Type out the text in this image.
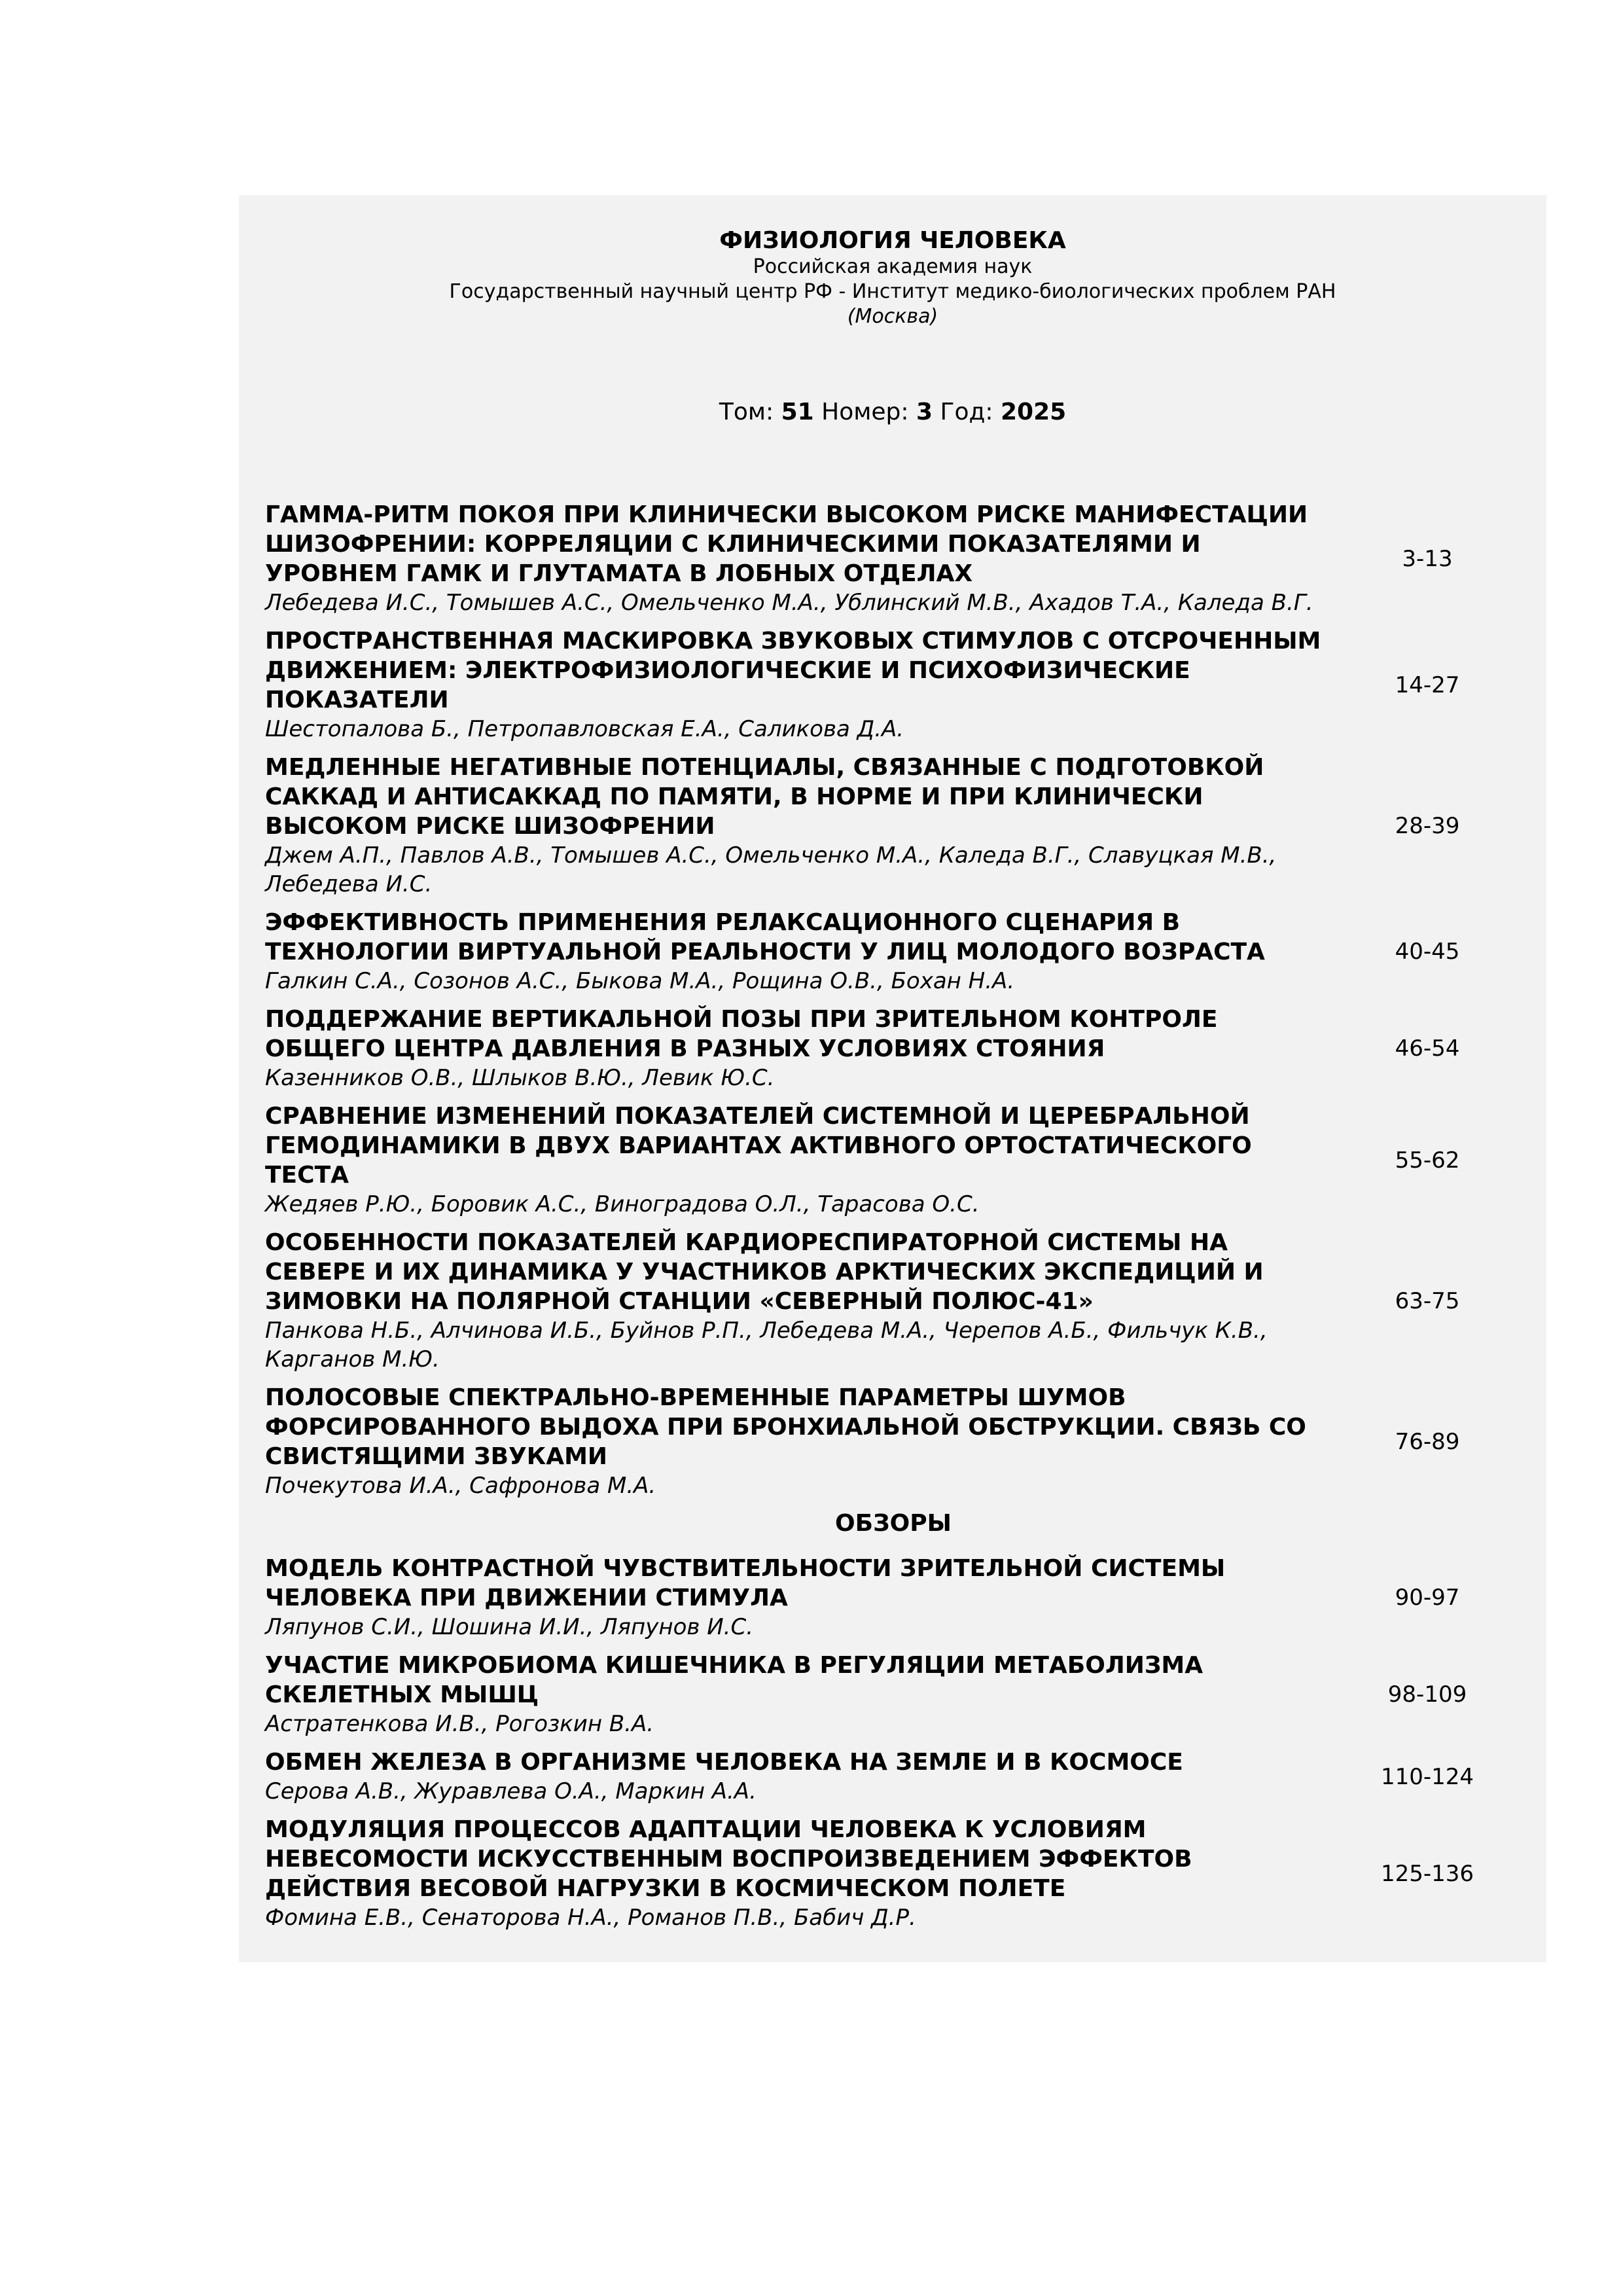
ФИЗИОЛОГИЯ ЧЕЛОВЕКА
Российская академия наук
Государственный научный центр РФ - Институт медико-биологических проблем РАН
(Москва)
Том: 51 Номер: 3 Год: 2025

ГАММА-РИТМ ПОКОЯ ПРИ КЛИНИЧЕСКИ ВЫСОКОМ РИСКЕ МАНИФЕСТАЦИИ ШИЗОФРЕНИИ: КОРРЕЛЯЦИИ С КЛИНИЧЕСКИМИ ПОКАЗАТЕЛЯМИ И УРОВНЕМ ГАМК И ГЛУТАМАТА В ЛОБНЫХ ОТДЕЛАХ

Лебедева И.С., Томышев А.С., Омельченко М.А., Ублинский М.В., Ахадов Т.А., Каледа В.Г.

3-13

ПРОСТРАНСТВЕННАЯ МАСКИРОВКА ЗВУКОВЫХ СТИМУЛОВ С ОТСРОЧЕННЫМ ДВИЖЕНИЕМ: ЭЛЕКТРОФИЗИОЛОГИЧЕСКИЕ И ПСИХОФИЗИЧЕСКИЕ ПОКАЗАТЕЛИ

Шестопалова Б., Петропавловская Е.А., Саликова Д.А.

14-27

МЕДЛЕННЫЕ НЕГАТИВНЫЕ ПОТЕНЦИАЛЫ, СВЯЗАННЫЕ С ПОДГОТОВКОЙ САККАД И АНТИСАККАД ПО ПАМЯТИ, В НОРМЕ И ПРИ КЛИНИЧЕСКИ ВЫСОКОМ РИСКЕ ШИЗОФРЕНИИ

Джем А.П., Павлов А.В., Томышев А.С., Омельченко М.А., Каледа В.Г., Славуцкая М.В., Лебедева И.С.

28-39

ЭФФЕКТИВНОСТЬ ПРИМЕНЕНИЯ РЕЛАКСАЦИОННОГО СЦЕНАРИЯ В ТЕХНОЛОГИИ ВИРТУАЛЬНОЙ РЕАЛЬНОСТИ У ЛИЦ МОЛОДОГО ВОЗРАСТА

Галкин С.А., Созонов А.С., Быкова М.А., Рощина О.В., Бохан Н.А.

40-45

ПОДДЕРЖАНИЕ ВЕРТИКАЛЬНОЙ ПОЗЫ ПРИ ЗРИТЕЛЬНОМ КОНТРОЛЕ ОБЩЕГО ЦЕНТРА ДАВЛЕНИЯ В РАЗНЫХ УСЛОВИЯХ СТОЯНИЯ

Казенников О.В., Шлыков В.Ю., Левик Ю.С.

46-54

СРАВНЕНИЕ ИЗМЕНЕНИЙ ПОКАЗАТЕЛЕЙ СИСТЕМНОЙ И ЦЕРЕБРАЛЬНОЙ ГЕМОДИНАМИКИ В ДВУХ ВАРИАНТАХ АКТИВНОГО ОРТОСТАТИЧЕСКОГО ТЕСТА

Жедяев Р.Ю., Боровик А.С., Виноградова О.Л., Тарасова О.С.

55-62

ОСОБЕННОСТИ ПОКАЗАТЕЛЕЙ КАРДИОРЕСПИРАТОРНОЙ СИСТЕМЫ НА СЕВЕРЕ И ИХ ДИНАМИКА У УЧАСТНИКОВ АРКТИЧЕСКИХ ЭКСПЕДИЦИЙ И ЗИМОВКИ НА ПОЛЯРНОЙ СТАНЦИИ «СЕВЕРНЫЙ ПОЛЮС-41»

Панкова Н.Б., Алчинова И.Б., Буйнов Р.П., Лебедева М.А., Черепов А.Б., Фильчук К.В., Карганов М.Ю.

63-75

ПОЛОСОВЫЕ СПЕКТРАЛЬНО-ВРЕМЕННЫЕ ПАРАМЕТРЫ ШУМОВ ФОРСИРОВАННОГО ВЫДОХА ПРИ БРОНХИАЛЬНОЙ ОБСТРУКЦИИ. СВЯЗЬ СО СВИСТЯЩИМИ ЗВУКАМИ

Почекутова И.А., Сафронова М.А.

76-89
ОБЗОРЫ

МОДЕЛЬ КОНТРАСТНОЙ ЧУВСТВИТЕЛЬНОСТИ ЗРИТЕЛЬНОЙ СИСТЕМЫ ЧЕЛОВЕКА ПРИ ДВИЖЕНИИ СТИМУЛА

Ляпунов С.И., Шошина И.И., Ляпунов И.С.

90-97

УЧАСТИЕ МИКРОБИОМА КИШЕЧНИКА В РЕГУЛЯЦИИ МЕТАБОЛИЗМА СКЕЛЕТНЫХ МЫШЦ

Астратенкова И.В., Рогозкин В.А.

98-109

ОБМЕН ЖЕЛЕЗА В ОРГАНИЗМЕ ЧЕЛОВЕКА НА ЗЕМЛЕ И В КОСМОСЕ

Серова А.В., Журавлева О.А., Маркин А.А.

110-124

МОДУЛЯЦИЯ ПРОЦЕССОВ АДАПТАЦИИ ЧЕЛОВЕКА К УСЛОВИЯМ НЕВЕСОМОСТИ ИСКУССТВЕННЫМ ВОСПРОИЗВЕДЕНИЕМ ЭФФЕКТОВ ДЕЙСТВИЯ ВЕСОВОЙ НАГРУЗКИ В КОСМИЧЕСКОМ ПОЛЕТЕ

Фомина Е.В., Сенаторова Н.А., Романов П.В., Бабич Д.Р.

125-136
